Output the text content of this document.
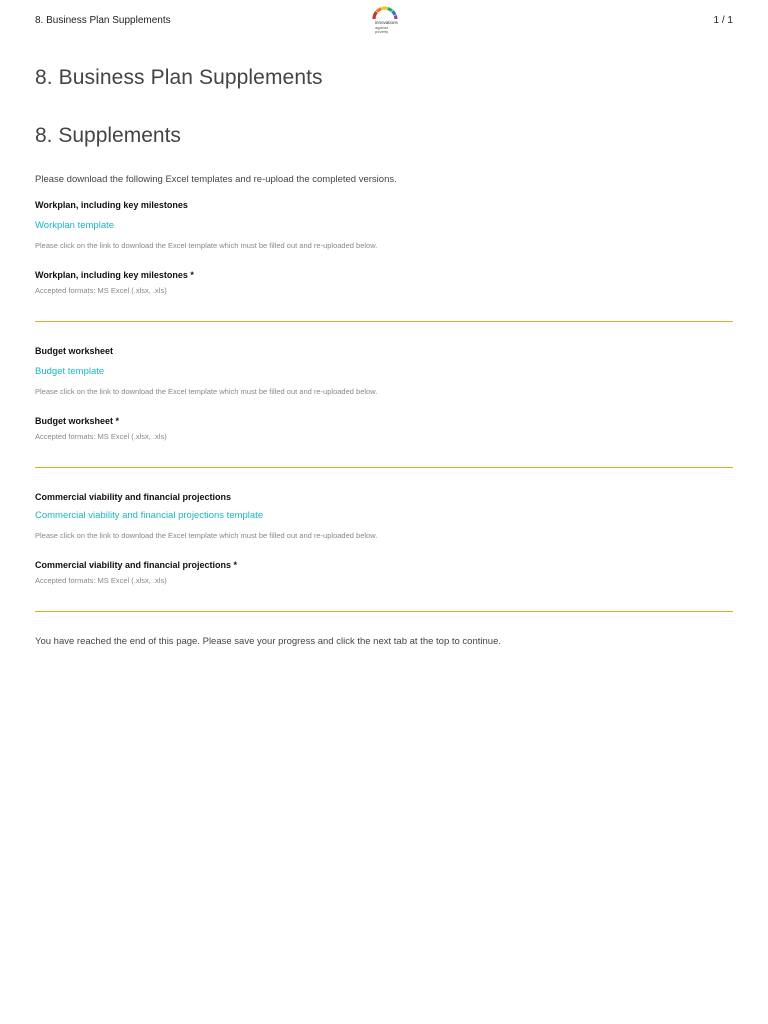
8. Business Plan Supplements	innovations
against
poverty
1 / 1
8. Business Plan Supplements
8. Supplements
Please download the following Excel templates and re-upload the completed versions.
Workplan, including key milestones
Workplan template
Please click on the link to download the Excel template which must be filled out and re-uploaded below.
Workplan, including key milestones *
Accepted formats: MS Excel (.xlsx, .xls)
Budget worksheet
Budget template
Please click on the link to download the Excel template which must be filled out and re-uploaded below.
Budget worksheet *
Accepted formats: MS Excel (.xlsx, .xls)
Commercial viability and financial projections
Commercial viability and financial projections template
Please click on the link to download the Excel template which must be filled out and re-uploaded below.
Commercial viability and financial projections *
Accepted formats: MS Excel (.xlsx, .xls)
You have reached the end of this page. Please save your progress and click the next tab at the top to continue.
